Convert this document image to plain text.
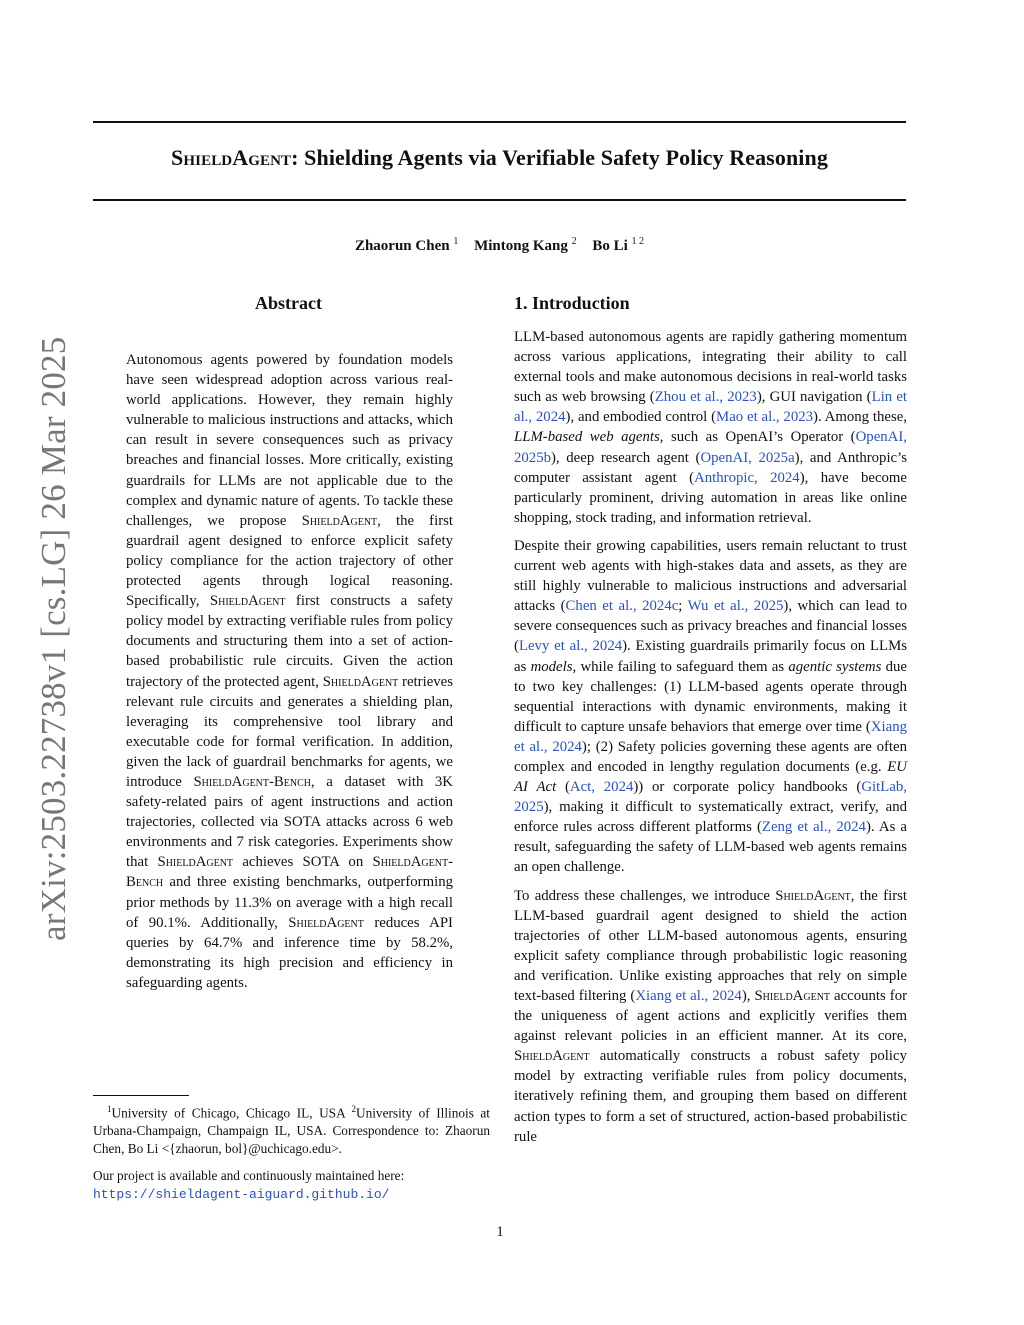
ShieldAgent: Shielding Agents via Verifiable Safety Policy Reasoning
Zhaorun Chen $^1$ Mintong Kang $^2$ Bo Li $^{1 2}$
arXiv:2503.22738v1 [cs.LG] 26 Mar 2025
Abstract
Autonomous agents powered by foundation models have seen widespread adoption across various real-world applications. However, they remain highly vulnerable to malicious instructions and attacks, which can result in severe consequences such as privacy breaches and financial losses. More critically, existing guardrails for LLMs are not applicable due to the complex and dynamic nature of agents. To tackle these challenges, we propose ShieldAgent, the first guardrail agent designed to enforce explicit safety policy compliance for the action trajectory of other protected agents through logical reasoning. Specifically, ShieldAgent first constructs a safety policy model by extracting verifiable rules from policy documents and structuring them into a set of action-based probabilistic rule circuits. Given the action trajectory of the protected agent, ShieldAgent retrieves relevant rule circuits and generates a shielding plan, leveraging its comprehensive tool library and executable code for formal verification. In addition, given the lack of guardrail benchmarks for agents, we introduce ShieldAgent-Bench, a dataset with 3K safety-related pairs of agent instructions and action trajectories, collected via SOTA attacks across 6 web environments and 7 risk categories. Experiments show that ShieldAgent achieves SOTA on ShieldAgent-Bench and three existing benchmarks, outperforming prior methods by 11.3% on average with a high recall of 90.1%. Additionally, ShieldAgent reduces API queries by 64.7% and inference time by 58.2%, demonstrating its high precision and efficiency in safeguarding agents.
1. Introduction

LLM-based autonomous agents are rapidly gathering momentum across various applications, integrating their ability to call external tools and make autonomous decisions in real-world tasks such as web browsing (Zhou et al., 2023), GUI navigation (Lin et al., 2024), and embodied control (Mao et al., 2023). Among these, LLM-based web agents, such as OpenAI’s Operator (OpenAI, 2025b), deep research agent (OpenAI, 2025a), and Anthropic’s computer assistant agent (Anthropic, 2024), have become particularly prominent, driving automation in areas like online shopping, stock trading, and information retrieval.

Despite their growing capabilities, users remain reluctant to trust current web agents with high-stakes data and assets, as they are still highly vulnerable to malicious instructions and adversarial attacks (Chen et al., 2024c; Wu et al., 2025), which can lead to severe consequences such as privacy breaches and financial losses (Levy et al., 2024). Existing guardrails primarily focus on LLMs as models, while failing to safeguard them as agentic systems due to two key challenges: (1) LLM-based agents operate through sequential interactions with dynamic environments, making it difficult to capture unsafe behaviors that emerge over time (Xiang et al., 2024); (2) Safety policies governing these agents are often complex and encoded in lengthy regulation documents (e.g. EU AI Act (Act, 2024)) or corporate policy handbooks (GitLab, 2025), making it difficult to systematically extract, verify, and enforce rules across different platforms (Zeng et al., 2024). As a result, safeguarding the safety of LLM-based web agents remains an open challenge.

To address these challenges, we introduce ShieldAgent, the first LLM-based guardrail agent designed to shield the action trajectories of other LLM-based autonomous agents, ensuring explicit safety compliance through probabilistic logic reasoning and verification. Unlike existing approaches that rely on simple text-based filtering (Xiang et al., 2024), ShieldAgent accounts for the uniqueness of agent actions and explicitly verifies them against relevant policies in an efficient manner. At its core, ShieldAgent automatically constructs a robust safety policy model by extracting verifiable rules from policy documents, iteratively refining them, and grouping them based on different action types to form a set of structured, action-based probabilistic rule

$^1$University of Chicago, Chicago IL, USA $^2$University of Illinois at Urbana-Champaign, Champaign IL, USA. Correspondence to: Zhaorun Chen, Bo Li <{zhaorun, bol}@uchicago.edu>.
Our project is available and continuously maintained here: https://shieldagent-aiguard.github.io/
1
